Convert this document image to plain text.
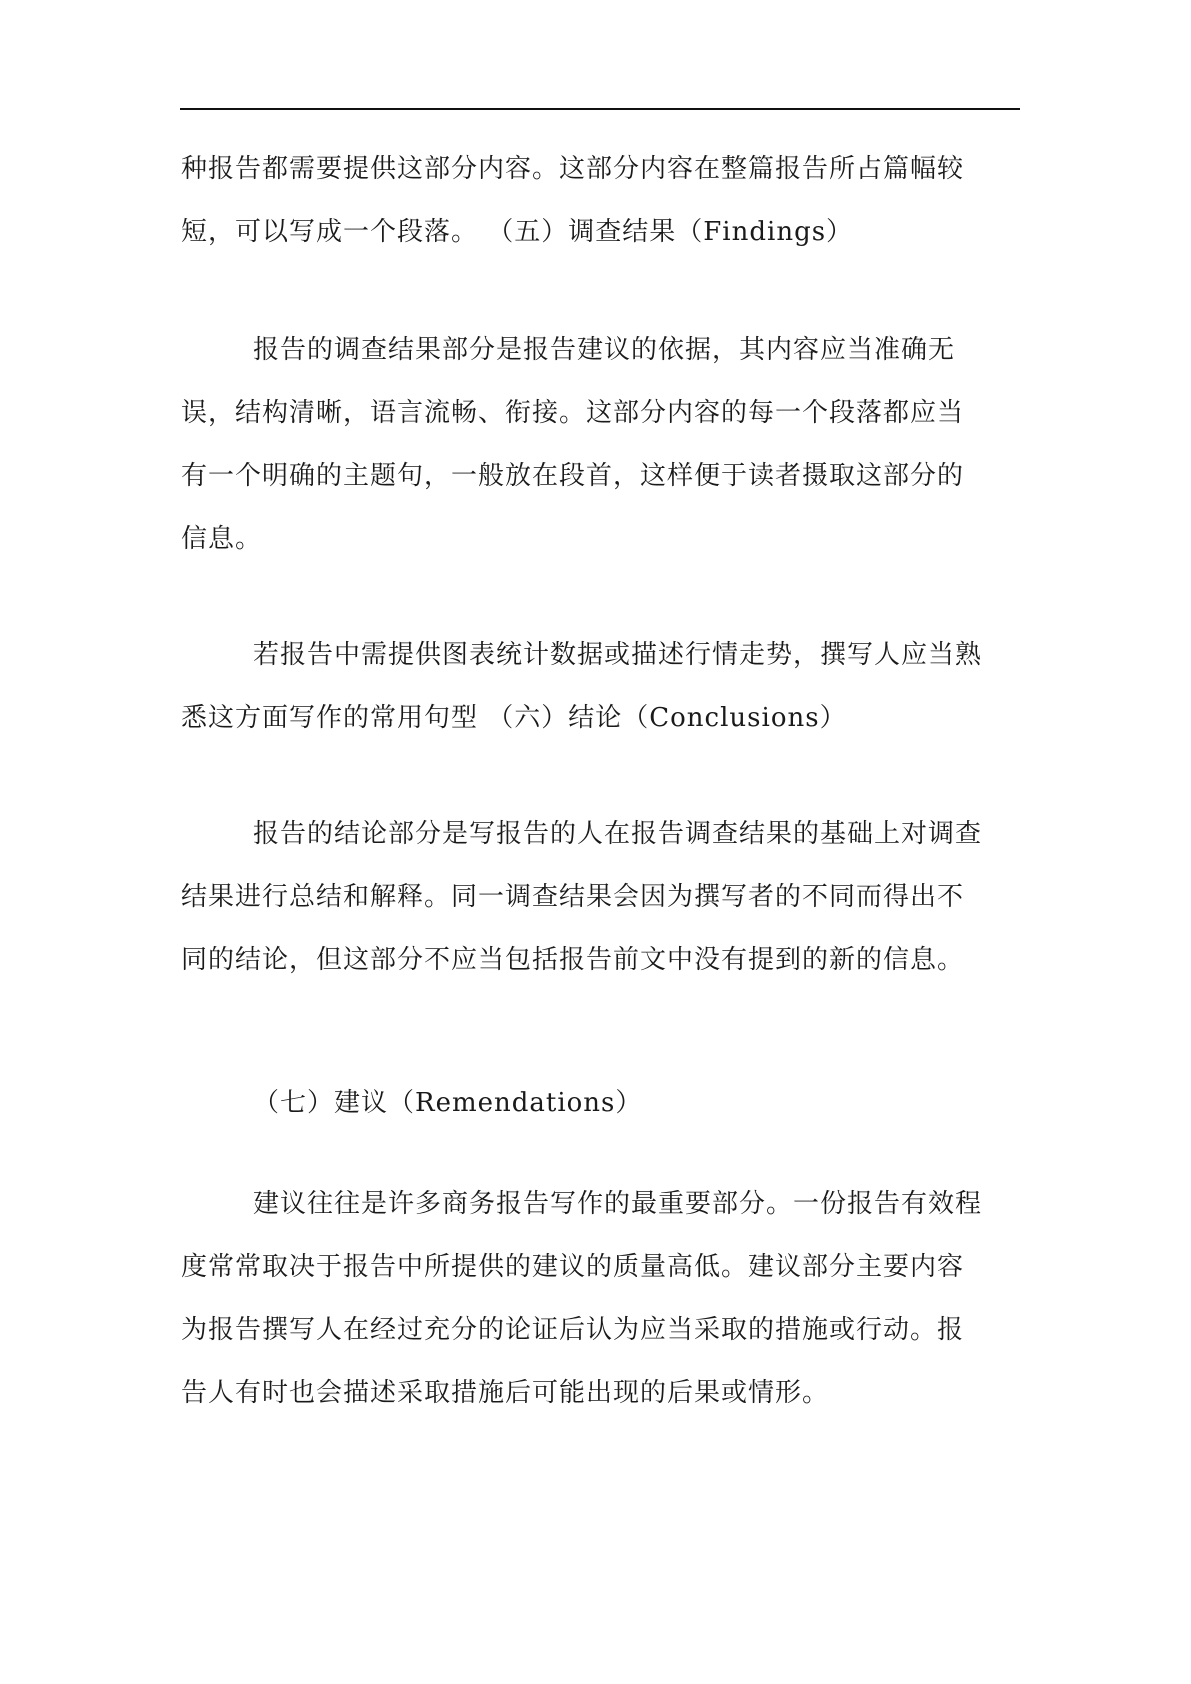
种报告都需要提供这部分内容。这部分内容在整篇报告所占篇幅较
短，可以写成一个段落。 （五）调查结果（Findings）
报告的调查结果部分是报告建议的依据，其内容应当准确无
误，结构清晰，语言流畅、衔接。这部分内容的每一个段落都应当
有一个明确的主题句，一般放在段首，这样便于读者摄取这部分的
信息。
若报告中需提供图表统计数据或描述行情走势，撰写人应当熟
悉这方面写作的常用句型 （六）结论（Conclusions）
报告的结论部分是写报告的人在报告调查结果的基础上对调查
结果进行总结和解释。同一调查结果会因为撰写者的不同而得出不
同的结论，但这部分不应当包括报告前文中没有提到的新的信息。
（七）建议（Remendations）
建议往往是许多商务报告写作的最重要部分。一份报告有效程
度常常取决于报告中所提供的建议的质量高低。建议部分主要内容
为报告撰写人在经过充分的论证后认为应当采取的措施或行动。报
告人有时也会描述采取措施后可能出现的后果或情形。
